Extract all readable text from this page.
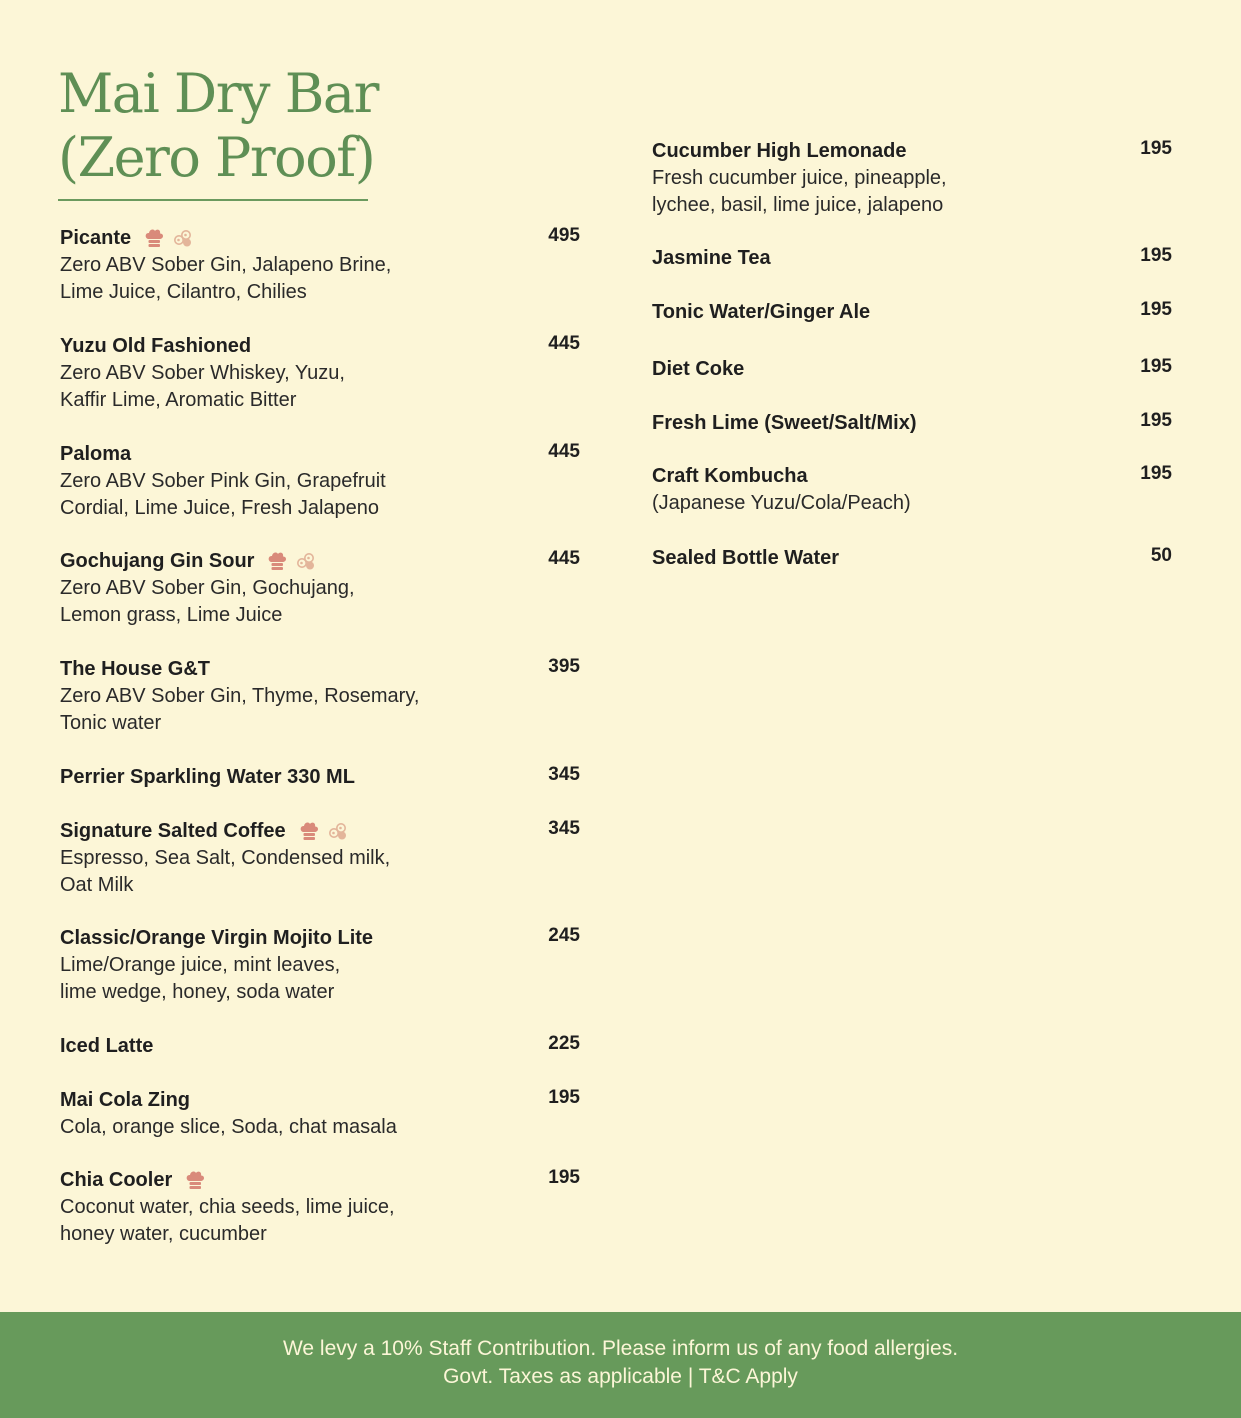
Mai Dry Bar
(Zero Proof)
Picante	495
Zero ABV Sober Gin, Jalapeno Brine,
Lime Juice, Cilantro, Chilies
Yuzu Old Fashioned	445
Zero ABV Sober Whiskey, Yuzu,
Kaffir Lime, Aromatic Bitter
Paloma	445
Zero ABV Sober Pink Gin, Grapefruit
Cordial, Lime Juice, Fresh Jalapeno
Gochujang Gin Sour	445
Zero ABV Sober Gin, Gochujang,
Lemon grass, Lime Juice
The House G&T	395
Zero ABV Sober Gin, Thyme, Rosemary,
Tonic water
Perrier Sparkling Water 330 ML	345
Signature Salted Coffee	345
Espresso, Sea Salt, Condensed milk,
Oat Milk
Classic/Orange Virgin Mojito Lite	245
Lime/Orange juice, mint leaves,
lime wedge, honey, soda water
Iced Latte	225
Mai Cola Zing	195
Cola, orange slice, Soda, chat masala
Chia Cooler	195
Coconut water, chia seeds, lime juice,
honey water, cucumber
Cucumber High Lemonade	195
Fresh cucumber juice, pineapple,
lychee, basil, lime juice, jalapeno
Jasmine Tea	195
Tonic Water/Ginger Ale	195
Diet Coke	195
Fresh Lime (Sweet/Salt/Mix)	195
Craft Kombucha	195
(Japanese Yuzu/Cola/Peach)
Sealed Bottle Water	50
We levy a 10% Staff Contribution. Please inform us of any food allergies.
Govt. Taxes as applicable | T&C Apply
